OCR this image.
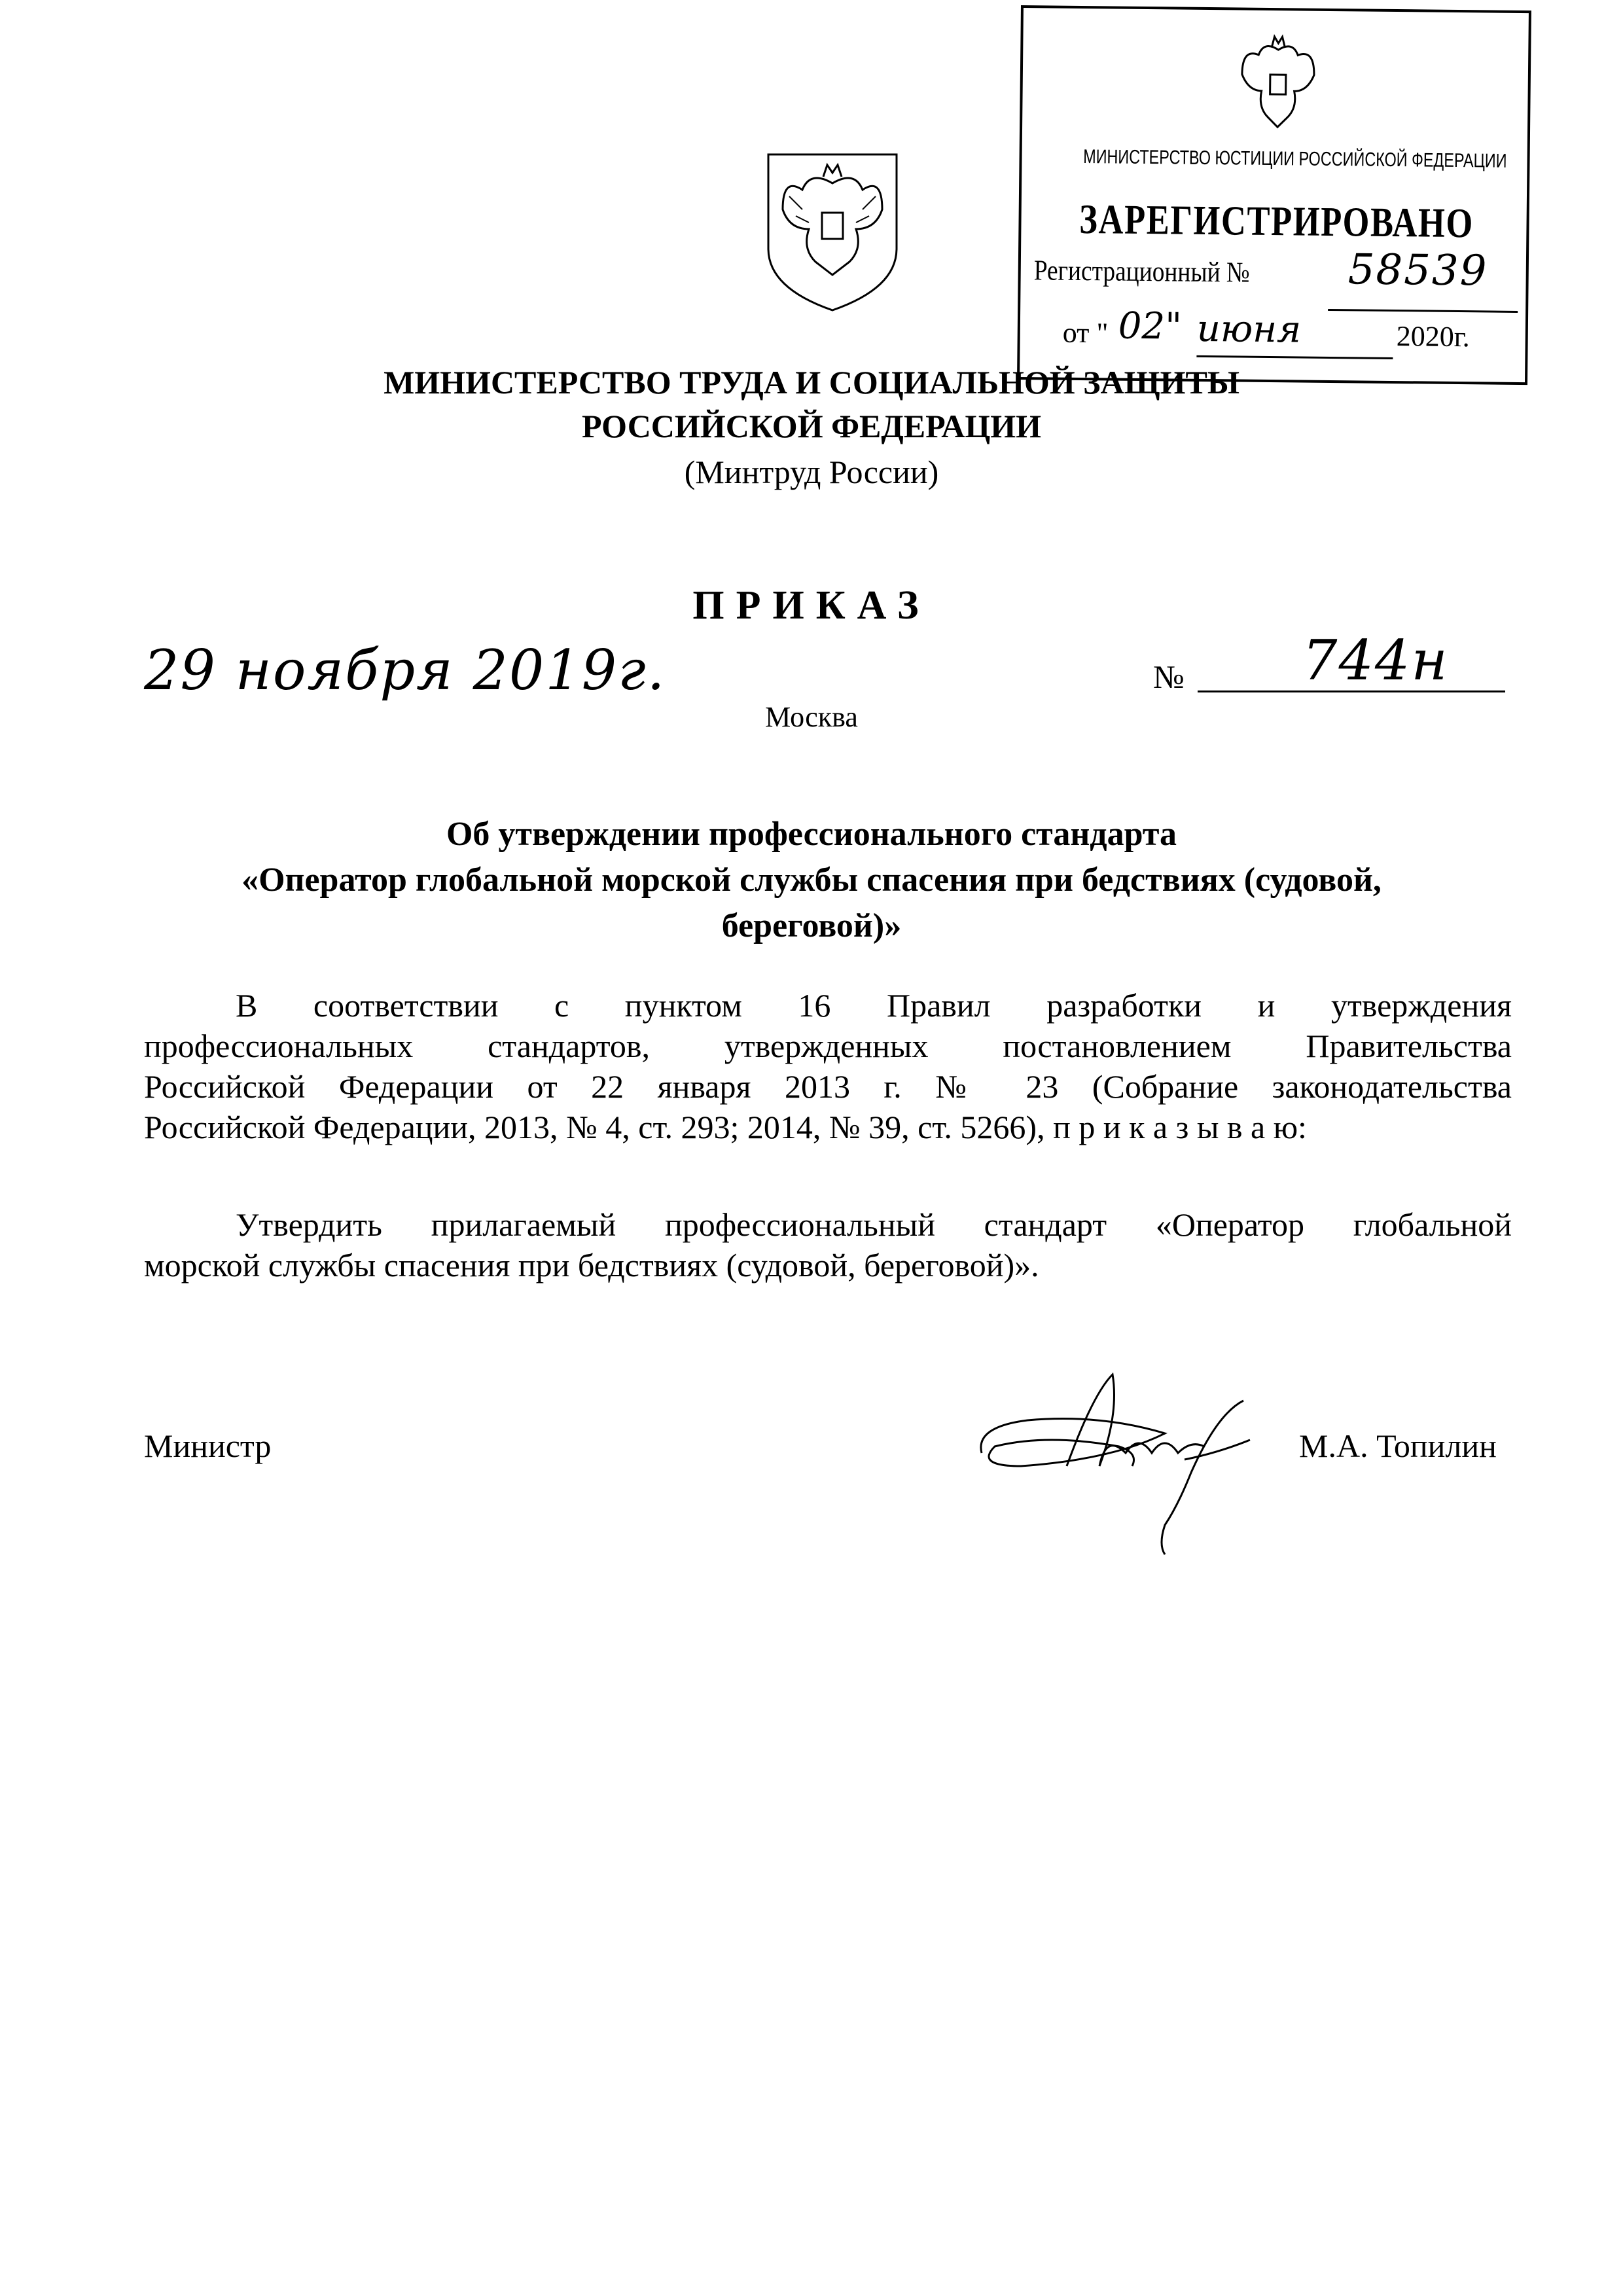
МИНИСТЕРСТВО ЮСТИЦИИ РОССИЙСКОЙ ФЕДЕРАЦИИ
ЗАРЕГИСТРИРОВАНО
Регистрационный № 58539
от " 02" июня	2020г.
МИНИСТЕРСТВО ТРУДА И СОЦИАЛЬНОЙ ЗАЩИТЫ
РОССИЙСКОЙ ФЕДЕРАЦИИ
(Минтруд России)
ПРИКАЗ
29 ноября 2019г.	№ 744н
Москва
Об утверждении профессионального стандарта
«Оператор глобальной морской службы спасения при бедствиях (судовой,
береговой)»
В соответствии с пунктом 16 Правил разработки и утверждения
профессиональных стандартов, утвержденных постановлением Правительства
Российской Федерации от 22 января 2013 г. № 23 (Собрание законодательства
Российской Федерации, 2013, № 4, ст. 293; 2014, № 39, ст. 5266), п р и к а з ы в а ю:
Утвердить прилагаемый профессиональный стандарт «Оператор глобальной
морской службы спасения при бедствиях (судовой, береговой)».
Министр	М.А. Топилин
